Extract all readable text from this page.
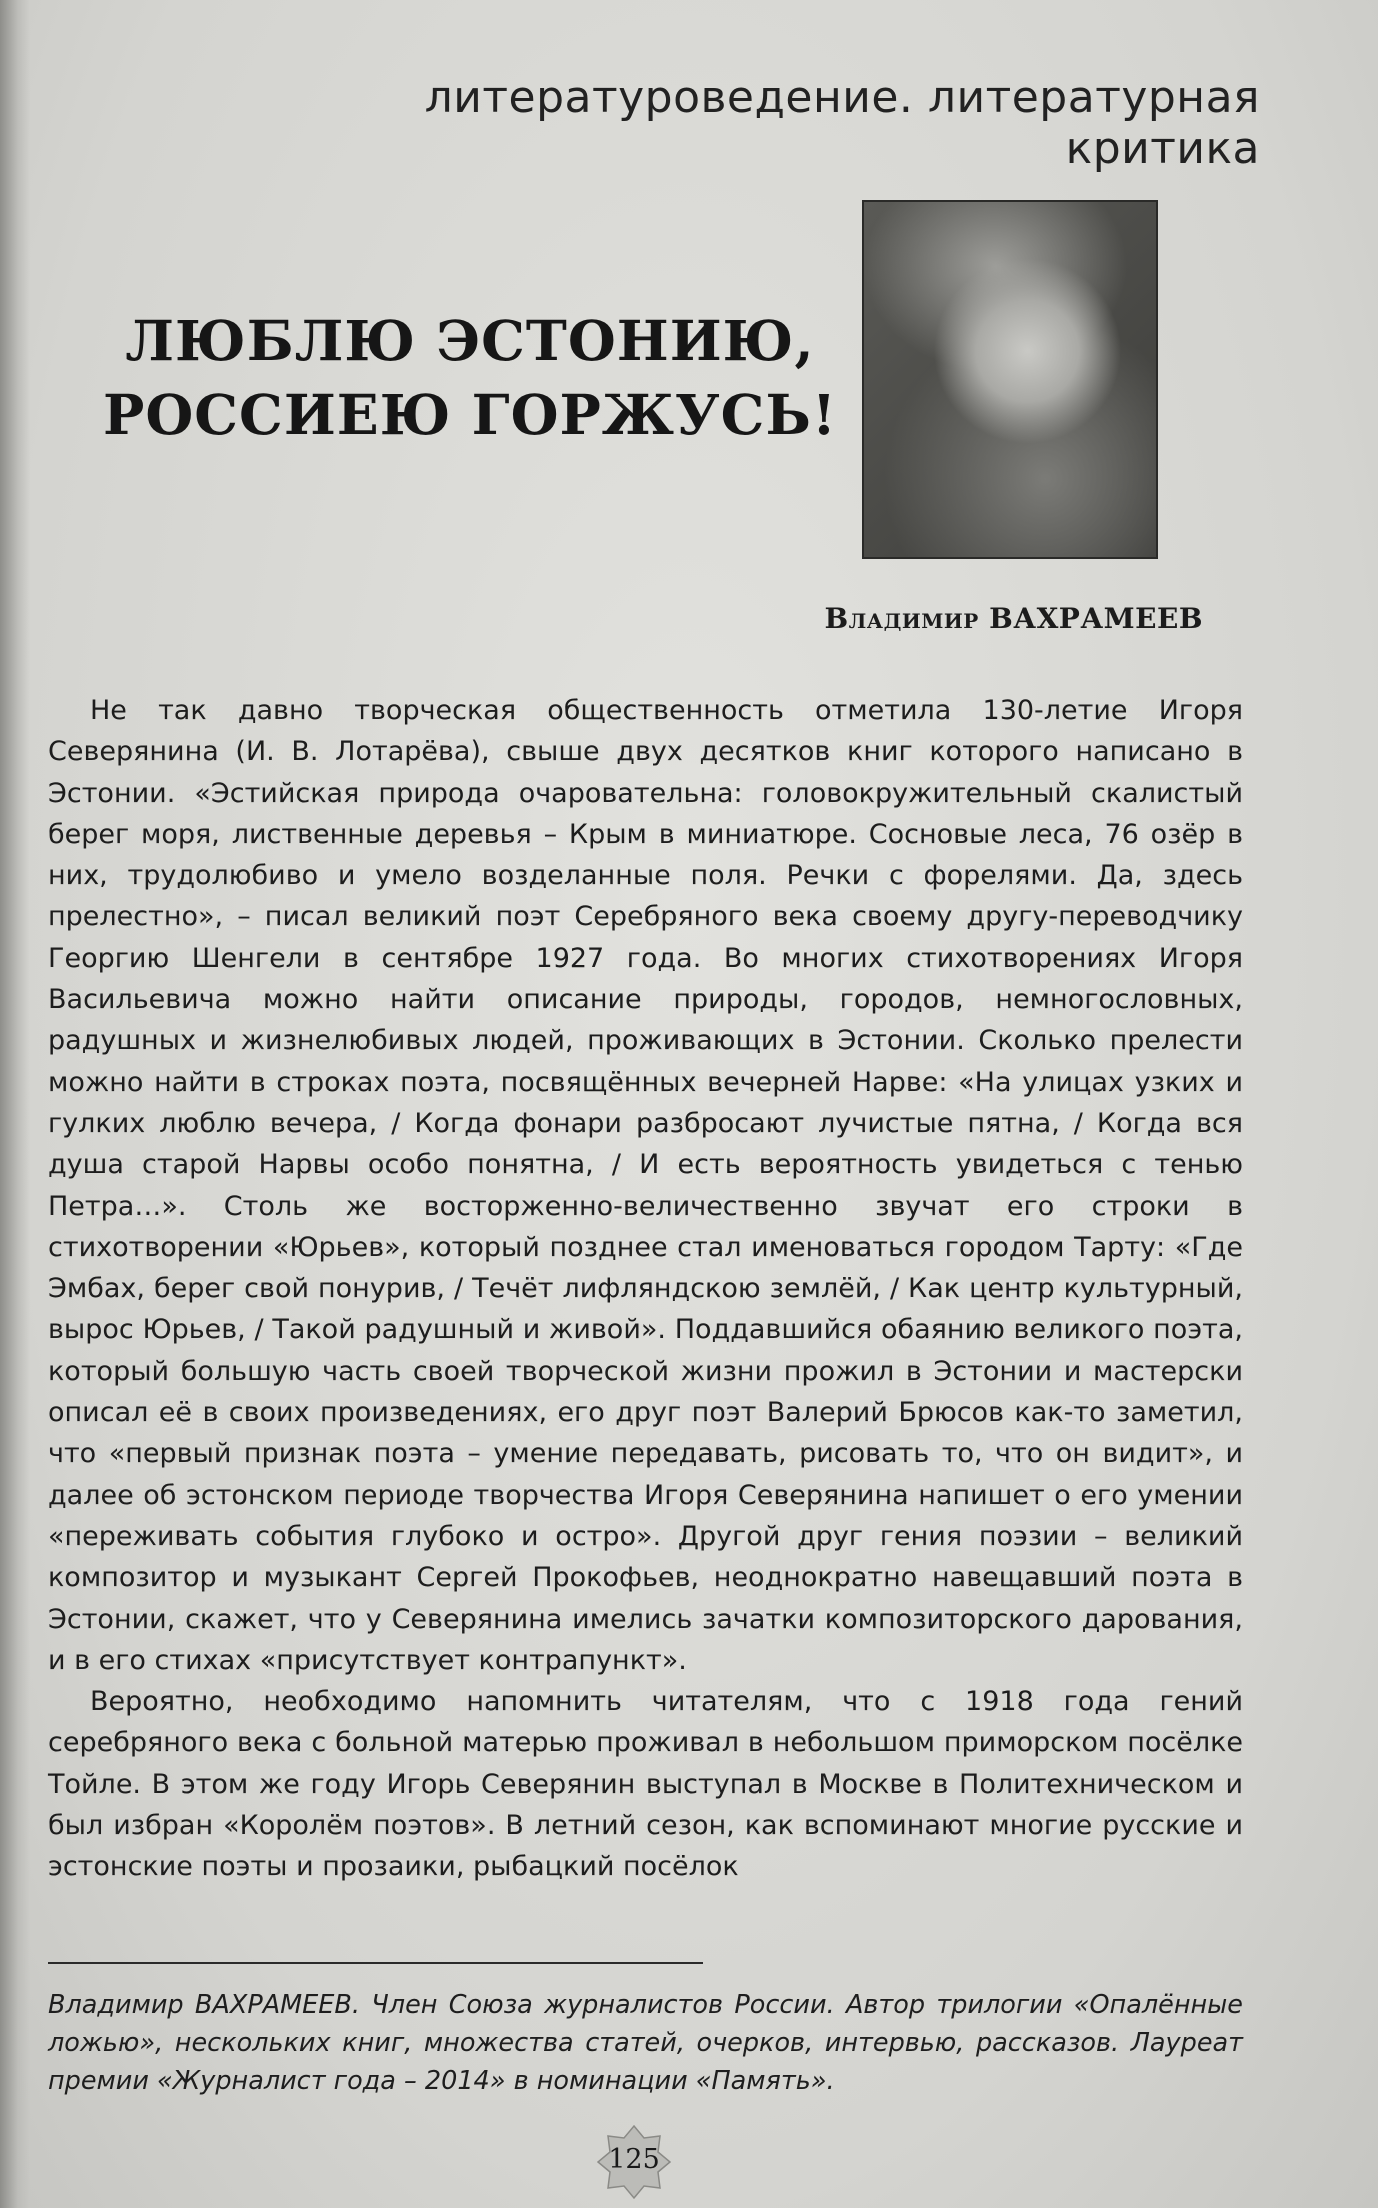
литературоведение. литературная критика
ЛЮБЛЮ ЭСТОНИЮ,
РОССИЕЮ ГОРЖУСЬ!
Владимир ВАХРАМЕЕВ

Не так давно творческая общественность отметила 130-летие Игоря Северянина (И. В. Лотарёва), свыше двух десятков книг которого написано в Эстонии. «Эстийская природа очаровательна: головокружительный скалистый берег моря, лиственные деревья – Крым в миниатюре. Сосновые леса, 76 озёр в них, трудолюбиво и умело возделанные поля. Речки с форелями. Да, здесь прелестно», – писал великий поэт Серебряного века своему другу-переводчику Георгию Шенгели в сентябре 1927 года. Во многих стихотворениях Игоря Васильевича можно найти описание природы, городов, немногословных, радушных и жизнелюбивых людей, проживающих в Эстонии. Сколько прелести можно найти в строках поэта, посвящённых вечерней Нарве: «На улицах узких и гулких люблю вечера, / Когда фонари разбросают лучистые пятна, / Когда вся душа старой Нарвы особо понятна, / И есть вероятность увидеться с тенью Петра…». Столь же восторженно-величественно звучат его строки в стихотворении «Юрьев», который позднее стал именоваться городом Тарту: «Где Эмбах, берег свой понурив, / Течёт лифляндскою землёй, / Как центр культурный, вырос Юрьев, / Такой радушный и живой». Поддавшийся обаянию великого поэта, который большую часть своей творческой жизни прожил в Эстонии и мастерски описал её в своих произведениях, его друг поэт Валерий Брюсов как-то заметил, что «первый признак поэта – умение передавать, рисовать то, что он видит», и далее об эстонском периоде творчества Игоря Северянина напишет о его умении «переживать события глубоко и остро». Другой друг гения поэзии – великий композитор и музыкант Сергей Прокофьев, неоднократно навещавший поэта в Эстонии, скажет, что у Северянина имелись зачатки композиторского дарования, и в его стихах «присутствует контрапункт».

Вероятно, необходимо напомнить читателям, что с 1918 года гений серебряного века с больной матерью проживал в небольшом приморском посёлке Тойле. В этом же году Игорь Северянин выступал в Москве в Политехническом и был избран «Королём поэтов». В летний сезон, как вспоминают многие русские и эстонские поэты и прозаики, рыбацкий посёлок

Владимир ВАХРАМЕЕВ. Член Союза журналистов России. Автор трилогии «Опалённые ложью», нескольких книг, множества статей, очерков, интервью, рассказов. Лауреат премии «Журналист года – 2014» в номинации «Память».
125
